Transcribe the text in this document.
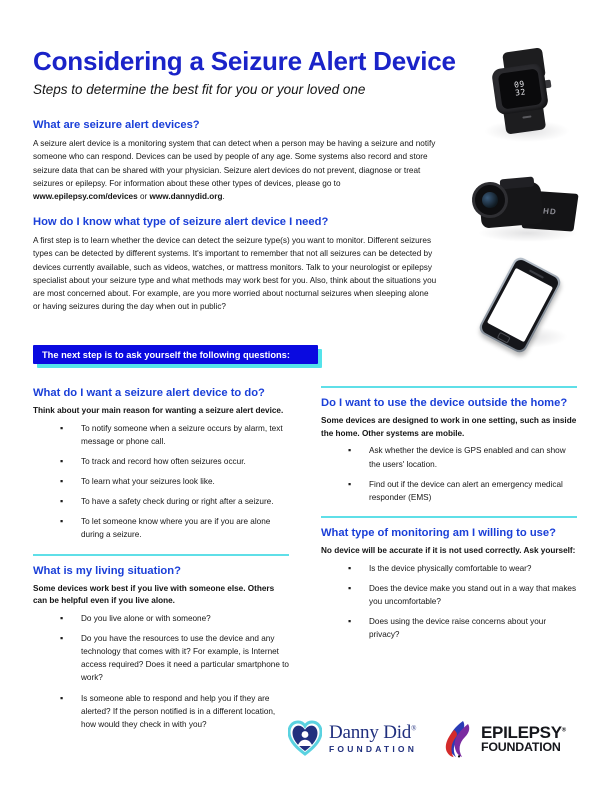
Considering a Seizure Alert Device
Steps to determine the best fit for you or your loved one
What are seizure alert devices?

A seizure alert device is a monitoring system that can detect when a person may be having a seizure and notify someone who can respond. Devices can be used by people of any age. Some systems also record and store seizure data that can be shared with your physician. Seizure alert devices do not prevent, diagnose or treat seizures or epilepsy. For information about these other types of devices, please go to www.epilepsy.com/devices or www.dannydid.org.

How do I know what type of seizure alert device I need?

A first step is to learn whether the device can detect the seizure type(s) you want to monitor. Different seizures types can be detected by different systems. It's important to remember that not all seizures can be detected by devices currently available, such as videos, watches, or mattress monitors. Talk to your neurologist or epilepsy specialist about your seizure type and what methods may work best for you. Also, think about the situations you are most concerned about. For example, are you more worried about nocturnal seizures when sleeping alone or having seizures during the day when out in public?

The next step is to ask yourself the following questions:
What do I want a seizure alert device to do?
Think about your main reason for wanting a seizure alert device.
▪ To notify someone when a seizure occurs by alarm, text message or phone call.
▪ To track and record how often seizures occur.
▪ To learn what your seizures look like.
▪ To have a safety check during or right after a seizure.
▪ To let someone know where you are if you are alone during a seizure.
What is my living situation?
Some devices work best if you live with someone else. Others can be helpful even if you live alone.
▪ Do you live alone or with someone?
▪ Do you have the resources to use the device and any technology that comes with it? For example, is Internet access required? Does it need a particular smartphone to work?
▪ Is someone able to respond and help you if they are alerted? If the person notified is in a different location, how would they check in with you?
Do I want to use the device outside the home?
Some devices are designed to work in one setting, such as inside the home. Other systems are mobile.
▪ Ask whether the device is GPS enabled and can show the users' location.
▪ Find out if the device can alert an emergency medical responder (EMS)
What type of monitoring am I willing to use?
No device will be accurate if it is not used correctly. Ask yourself:
▪ Is the device physically comfortable to wear?
▪ Does the device make you stand out in a way that makes you uncomfortable?
▪ Does using the device raise concerns about your privacy?
09
32
HD
Danny Did®
FOUNDATION
EPILEPSY®
FOUNDATION
